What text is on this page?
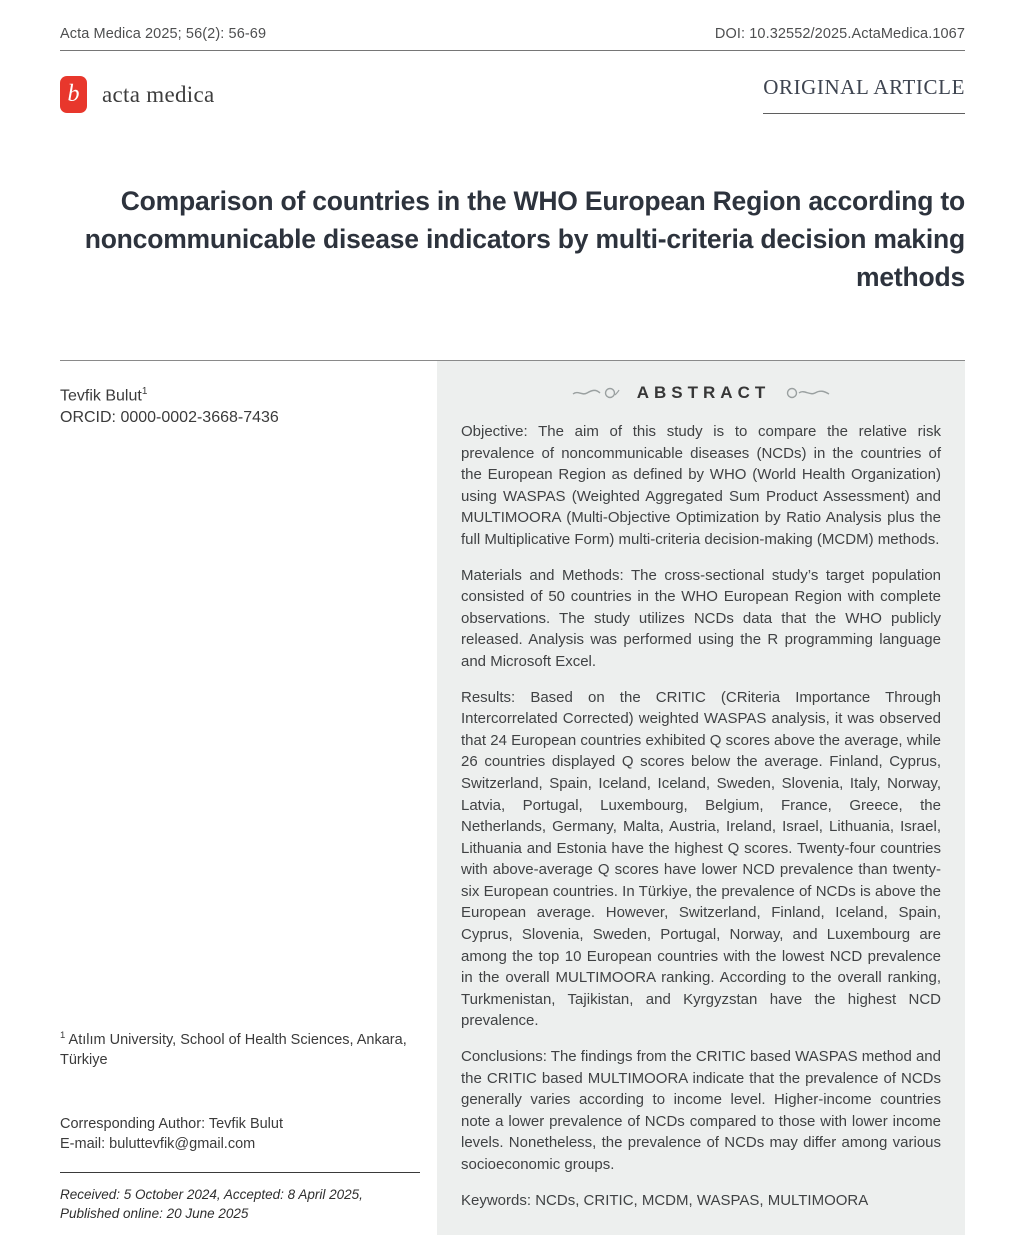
Acta Medica 2025; 56(2): 56-69	DOI: 10.32552/2025.ActaMedica.1067
b acta medica	ORIGINAL ARTICLE
Comparison of countries in the WHO European Region according to noncommunicable disease indicators by multi-criteria decision making methods
Tevfik Bulut$^1$
ORCID: 0000-0002-3668-7436
$^1$ Atılım University, School of Health Sciences, Ankara, Türkiye
Corresponding Author: Tevfik Bulut
E-mail: buluttevfik@gmail.com
Received: 5 October 2024, Accepted: 8 April 2025,
Published online: 20 June 2025
ABSTRACT

Objective: The aim of this study is to compare the relative risk prevalence of noncommunicable diseases (NCDs) in the countries of the European Region as defined by WHO (World Health Organization) using WASPAS (Weighted Aggregated Sum Product Assessment) and MULTIMOORA (Multi-Objective Optimization by Ratio Analysis plus the full Multiplicative Form) multi-criteria decision-making (MCDM) methods.

Materials and Methods: The cross-sectional study’s target population consisted of 50 countries in the WHO European Region with complete observations. The study utilizes NCDs data that the WHO publicly released. Analysis was performed using the R programming language and Microsoft Excel.

Results: Based on the CRITIC (CRiteria Importance Through Intercorrelated Corrected) weighted WASPAS analysis, it was observed that 24 European countries exhibited Q scores above the average, while 26 countries displayed Q scores below the average. Finland, Cyprus, Switzerland, Spain, Iceland, Iceland, Sweden, Slovenia, Italy, Norway, Latvia, Portugal, Luxembourg, Belgium, France, Greece, the Netherlands, Germany, Malta, Austria, Ireland, Israel, Lithuania, Israel, Lithuania and Estonia have the highest Q scores. Twenty-four countries with above-average Q scores have lower NCD prevalence than twenty-six European countries. In Türkiye, the prevalence of NCDs is above the European average. However, Switzerland, Finland, Iceland, Spain, Cyprus, Slovenia, Sweden, Portugal, Norway, and Luxembourg are among the top 10 European countries with the lowest NCD prevalence in the overall MULTIMOORA ranking. According to the overall ranking, Turkmenistan, Tajikistan, and Kyrgyzstan have the highest NCD prevalence.

Conclusions: The findings from the CRITIC based WASPAS method and the CRITIC based MULTIMOORA indicate that the prevalence of NCDs generally varies according to income level. Higher-income countries note a lower prevalence of NCDs compared to those with lower income levels. Nonetheless, the prevalence of NCDs may differ among various socioeconomic groups.

Keywords: NCDs, CRITIC, MCDM, WASPAS, MULTIMOORA
